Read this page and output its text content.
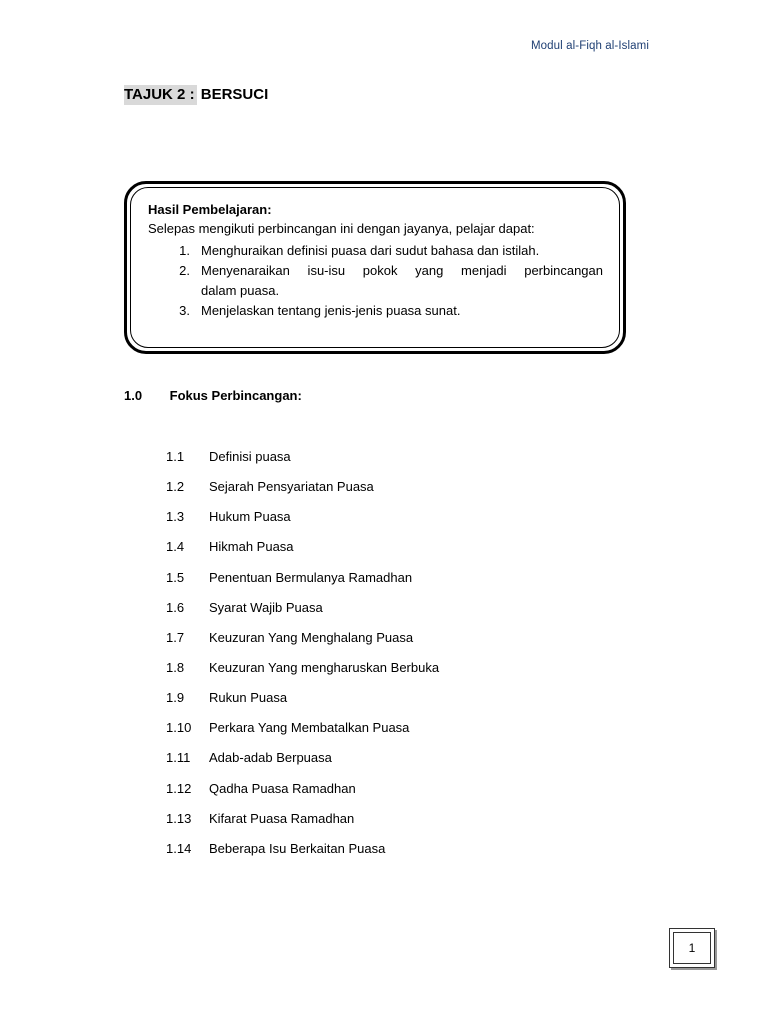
Modul al-Fiqh al-Islami
TAJUK 2 : BERSUCI
Hasil Pembelajaran:
Selepas mengikuti perbincangan ini dengan jayanya, pelajar dapat:
1. Menghuraikan definisi puasa dari sudut bahasa dan istilah.
2. Menyenaraikan isu-isu pokok yang menjadi perbincangan
dalam puasa.
3. Menjelaskan tentang jenis-jenis puasa sunat.
1.0 Fokus Perbincangan:
1.1 Definisi puasa
1.2 Sejarah Pensyariatan Puasa
1.3 Hukum Puasa
1.4 Hikmah Puasa
1.5 Penentuan Bermulanya Ramadhan
1.6 Syarat Wajib Puasa
1.7 Keuzuran Yang Menghalang Puasa
1.8 Keuzuran Yang mengharuskan Berbuka
1.9 Rukun Puasa
1.10 Perkara Yang Membatalkan Puasa
1.11 Adab-adab Berpuasa
1.12 Qadha Puasa Ramadhan
1.13 Kifarat Puasa Ramadhan
1.14 Beberapa Isu Berkaitan Puasa
1
